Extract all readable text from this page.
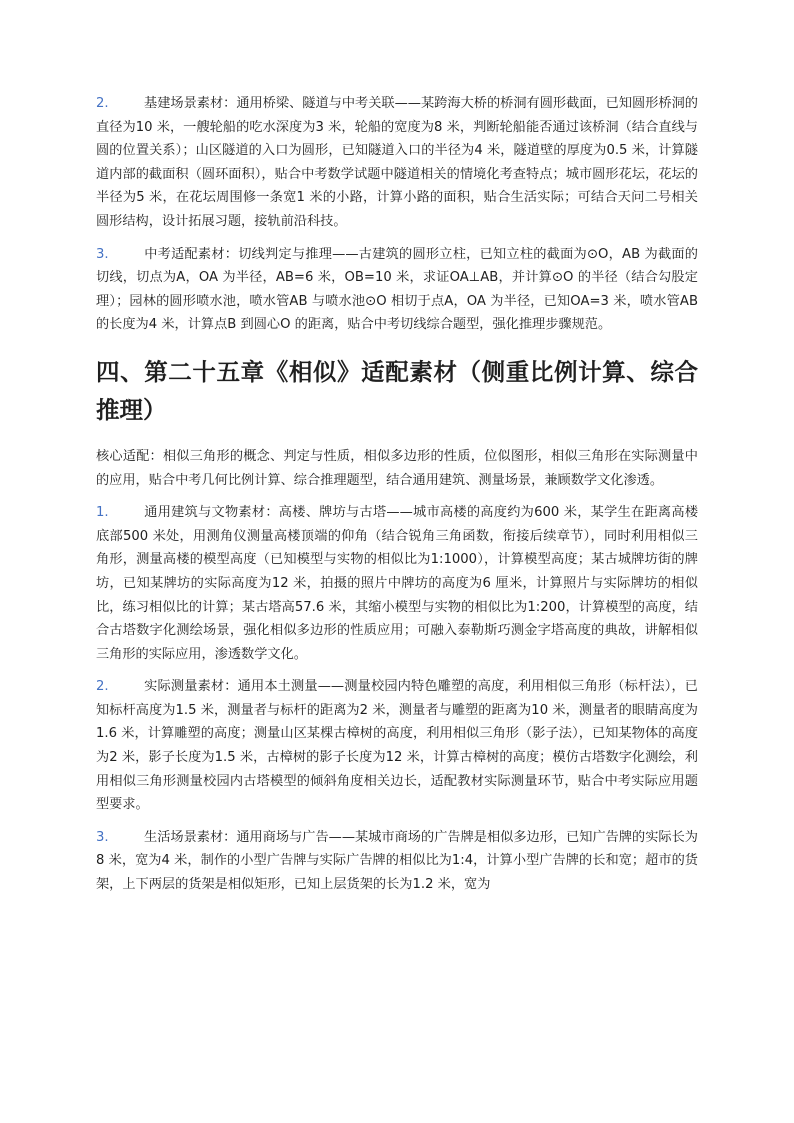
2.	基建场景素材：通用桥梁、隧道与中考关联——某跨海大桥的桥洞有圆形截面，已知圆形桥洞的直径为10 米，一艘轮船的吃水深度为3 米，轮船的宽度为8 米，判断轮船能否通过该桥洞（结合直线与圆的位置关系）；山区隧道的入口为圆形，已知隧道入口的半径为4 米，隧道壁的厚度为0.5 米，计算隧道内部的截面积（圆环面积），贴合中考数学试题中隧道相关的情境化考查特点；城市圆形花坛，花坛的半径为5 米，在花坛周围修一条宽1 米的小路，计算小路的面积，贴合生活实际；可结合天问二号相关圆形结构，设计拓展习题，接轨前沿科技。

3.	中考适配素材：切线判定与推理——古建筑的圆形立柱，已知立柱的截面为⊙O，AB 为截面的切线，切点为A，OA 为半径，AB=6 米，OB=10 米，求证OA⊥AB，并计算⊙O 的半径（结合勾股定理）；园林的圆形喷水池，喷水管AB 与喷水池⊙O 相切于点A，OA 为半径，已知OA=3 米，喷水管AB 的长度为4 米，计算点B 到圆心O 的距离，贴合中考切线综合题型，强化推理步骤规范。

四、第二十五章《相似》适配素材（侧重比例计算、综合推理）

核心适配：相似三角形的概念、判定与性质，相似多边形的性质，位似图形，相似三角形在实际测量中的应用，贴合中考几何比例计算、综合推理题型，结合通用建筑、测量场景，兼顾数学文化渗透。

1.	通用建筑与文物素材：高楼、牌坊与古塔——城市高楼的高度约为600 米，某学生在距离高楼底部500 米处，用测角仪测量高楼顶端的仰角（结合锐角三角函数，衔接后续章节），同时利用相似三角形，测量高楼的模型高度（已知模型与实物的相似比为1:1000），计算模型高度；某古城牌坊街的牌坊，已知某牌坊的实际高度为12 米，拍摄的照片中牌坊的高度为6 厘米，计算照片与实际牌坊的相似比，练习相似比的计算；某古塔高57.6 米，其缩小模型与实物的相似比为1:200，计算模型的高度，结合古塔数字化测绘场景，强化相似多边形的性质应用；可融入泰勒斯巧测金字塔高度的典故，讲解相似三角形的实际应用，渗透数学文化。

2.	实际测量素材：通用本土测量——测量校园内特色雕塑的高度，利用相似三角形（标杆法），已知标杆高度为1.5 米，测量者与标杆的距离为2 米，测量者与雕塑的距离为10 米，测量者的眼睛高度为1.6 米，计算雕塑的高度；测量山区某棵古樟树的高度，利用相似三角形（影子法），已知某物体的高度为2 米，影子长度为1.5 米，古樟树的影子长度为12 米，计算古樟树的高度；模仿古塔数字化测绘，利用相似三角形测量校园内古塔模型的倾斜角度相关边长，适配教材实际测量环节，贴合中考实际应用题型要求。

3.	生活场景素材：通用商场与广告——某城市商场的广告牌是相似多边形，已知广告牌的实际长为8 米，宽为4 米，制作的小型广告牌与实际广告牌的相似比为1:4，计算小型广告牌的长和宽；超市的货架，上下两层的货架是相似矩形，已知上层货架的长为1.2 米，宽为
